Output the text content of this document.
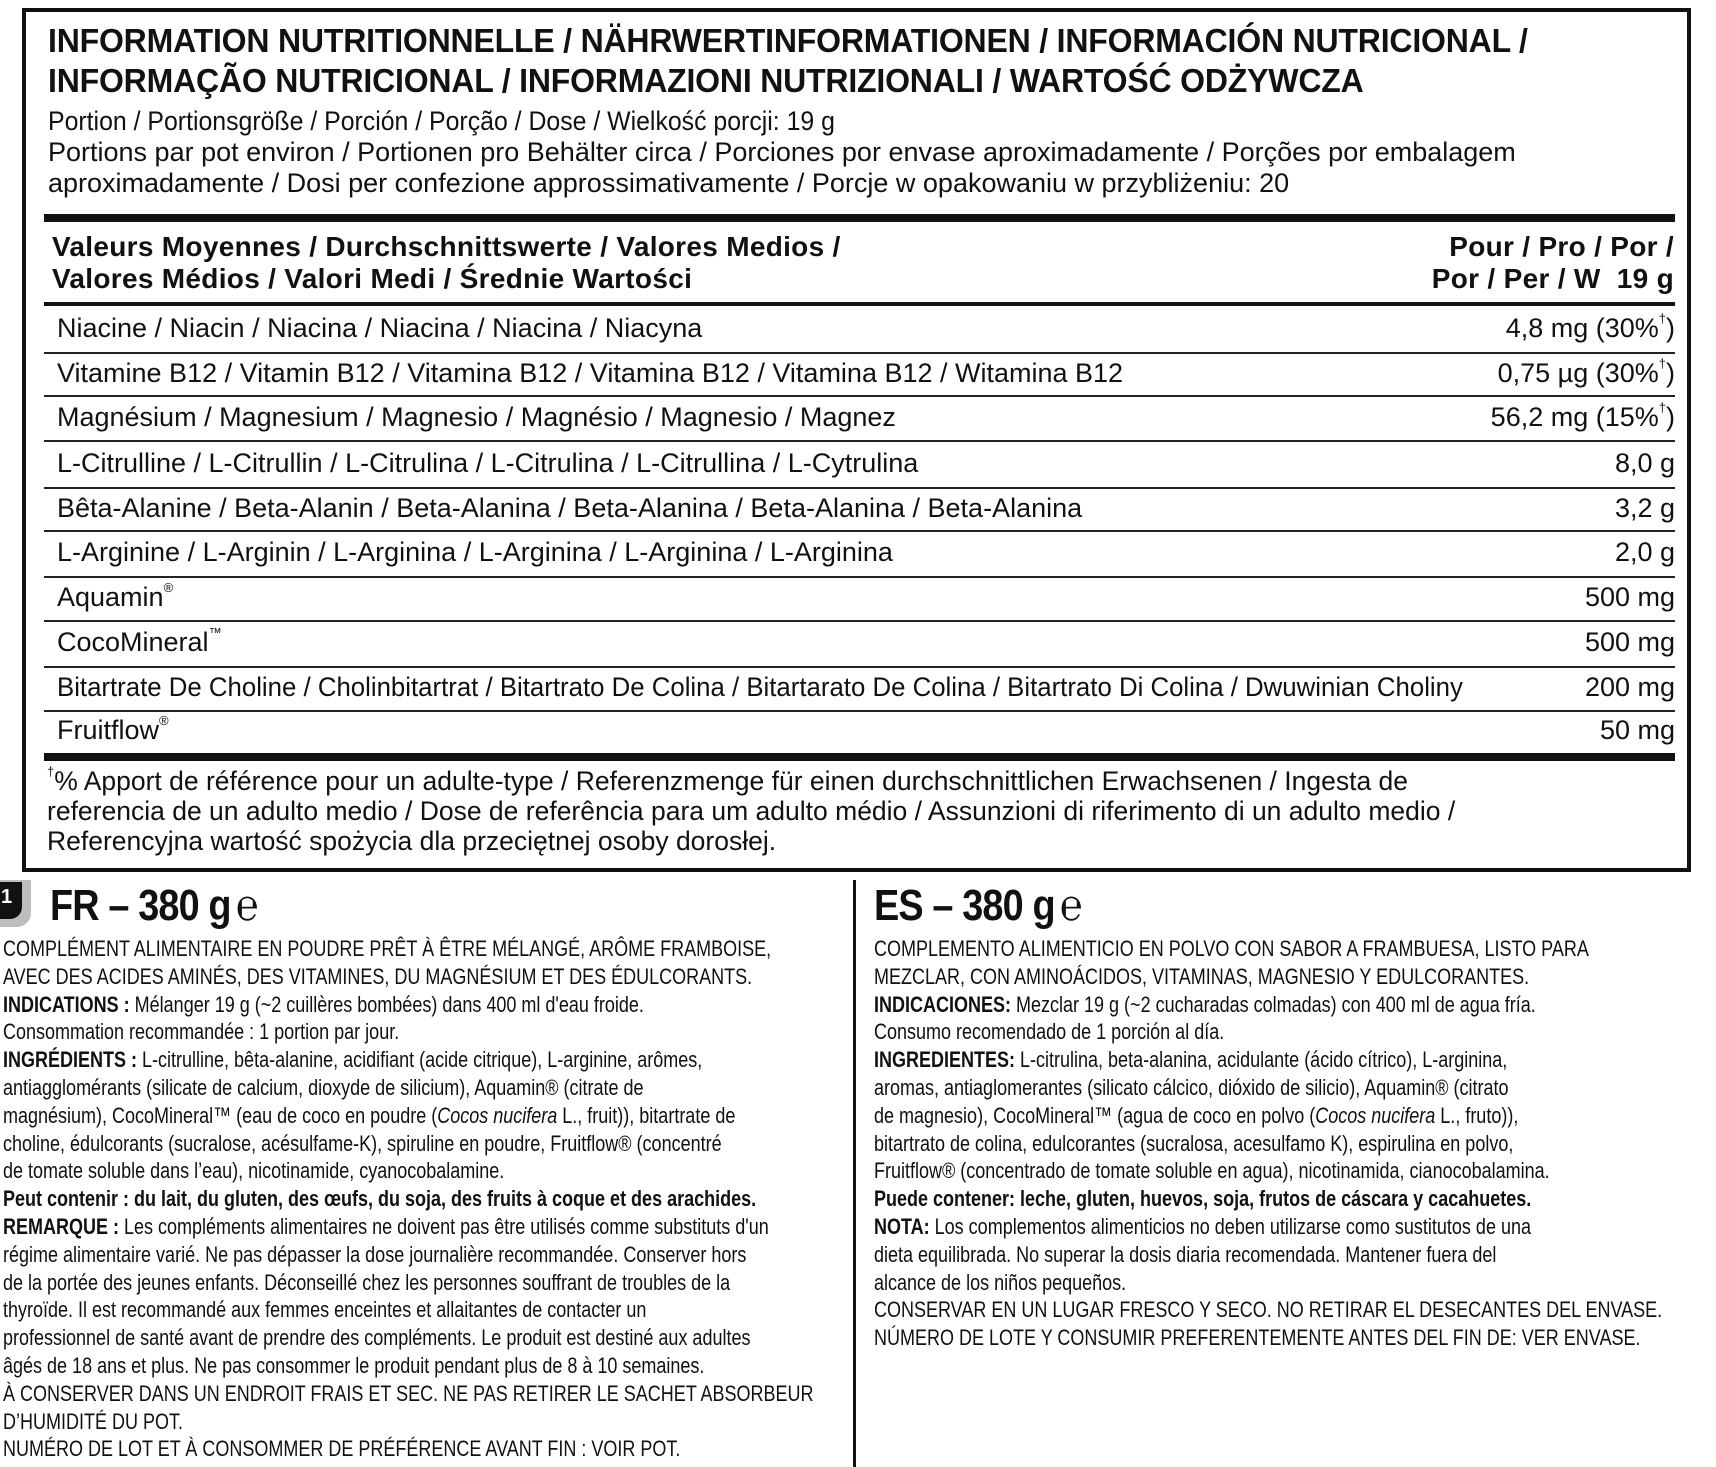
INFORMATION NUTRITIONNELLE / NÄHRWERTINFORMATIONEN / INFORMACIÓN NUTRICIONAL /
INFORMAÇÃO NUTRICIONAL / INFORMAZIONI NUTRIZIONALI / WARTOŚĆ ODŻYWCZA
Portion / Portionsgröße / Porción / Porção / Dose / Wielkość porcji: 19 g
Portions par pot environ / Portionen pro Behälter circa / Porciones por envase aproximadamente / Porções por embalagem
aproximadamente / Dosi per confezione approssimativamente / Porcje w opakowaniu w przybliżeniu: 20
Valeurs Moyennes / Durchschnittswerte / Valores Medios /
Valores Médios / Valori Medi / Średnie Wartości
Pour / Pro / Por /
Por / Per / W  19 g
Niacine / Niacin / Niacina / Niacina / Niacina / Niacyna	4,8 mg (30%†)
Vitamine B12 / Vitamin B12 / Vitamina B12 / Vitamina B12 / Vitamina B12 / Witamina B12	0,75 µg (30%†)
Magnésium / Magnesium / Magnesio / Magnésio / Magnesio / Magnez	56,2 mg (15%†)
L-Citrulline / L-Citrullin / L-Citrulina / L-Citrulina / L-Citrullina / L-Cytrulina	8,0 g
Bêta-Alanine / Beta-Alanin / Beta-Alanina / Beta-Alanina / Beta-Alanina / Beta-Alanina	3,2 g
L-Arginine / L-Arginin / L-Arginina / L-Arginina / L-Arginina / L-Arginina	2,0 g
Aquamin®	500 mg
CocoMineral™	500 mg
Bitartrate De Choline / Cholinbitartrat / Bitartrato De Colina / Bitartarato De Colina / Bitartrato Di Colina / Dwuwinian Choliny	200 mg
Fruitflow®	50 mg
†% Apport de référence pour un adulte-type / Referenzmenge für einen durchschnittlichen Erwachsenen / Ingesta de
referencia de un adulto medio / Dose de referência para um adulto médio / Assunzioni di riferimento di un adulto medio /
Referencyjna wartość spożycia dla przeciętnej osoby dorosłej.
1 FR – 380 g ℮
COMPLÉMENT ALIMENTAIRE EN POUDRE PRÊT À ÊTRE MÉLANGÉ, ARÔME FRAMBOISE,
AVEC DES ACIDES AMINÉS, DES VITAMINES, DU MAGNÉSIUM ET DES ÉDULCORANTS.
INDICATIONS : Mélanger 19 g (~2 cuillères bombées) dans 400 ml d'eau froide.
Consommation recommandée : 1 portion par jour.
INGRÉDIENTS : L-citrulline, bêta-alanine, acidifiant (acide citrique), L-arginine, arômes,
antiagglomérants (silicate de calcium, dioxyde de silicium), Aquamin® (citrate de
magnésium), CocoMineral™ (eau de coco en poudre (Cocos nucifera L., fruit)), bitartrate de
choline, édulcorants (sucralose, acésulfame-K), spiruline en poudre, Fruitflow® (concentré
de tomate soluble dans l’eau), nicotinamide, cyanocobalamine.
Peut contenir : du lait, du gluten, des œufs, du soja, des fruits à coque et des arachides.
REMARQUE : Les compléments alimentaires ne doivent pas être utilisés comme substituts d'un
régime alimentaire varié. Ne pas dépasser la dose journalière recommandée. Conserver hors
de la portée des jeunes enfants. Déconseillé chez les personnes souffrant de troubles de la
thyroïde. Il est recommandé aux femmes enceintes et allaitantes de contacter un
professionnel de santé avant de prendre des compléments. Le produit est destiné aux adultes
âgés de 18 ans et plus. Ne pas consommer le produit pendant plus de 8 à 10 semaines.
À CONSERVER DANS UN ENDROIT FRAIS ET SEC. NE PAS RETIRER LE SACHET ABSORBEUR
D’HUMIDITÉ DU POT.
NUMÉRO DE LOT ET À CONSOMMER DE PRÉFÉRENCE AVANT FIN : VOIR POT.
ES – 380 g ℮
COMPLEMENTO ALIMENTICIO EN POLVO CON SABOR A FRAMBUESA, LISTO PARA
MEZCLAR, CON AMINOÁCIDOS, VITAMINAS, MAGNESIO Y EDULCORANTES.
INDICACIONES: Mezclar 19 g (~2 cucharadas colmadas) con 400 ml de agua fría.
Consumo recomendado de 1 porción al día.
INGREDIENTES: L-citrulina, beta-alanina, acidulante (ácido cítrico), L-arginina,
aromas, antiaglomerantes (silicato cálcico, dióxido de silicio), Aquamin® (citrato
de magnesio), CocoMineral™ (agua de coco en polvo (Cocos nucifera L., fruto)),
bitartrato de colina, edulcorantes (sucralosa, acesulfamo K), espirulina en polvo,
Fruitflow® (concentrado de tomate soluble en agua), nicotinamida, cianocobalamina.
Puede contener: leche, gluten, huevos, soja, frutos de cáscara y cacahuetes.
NOTA: Los complementos alimenticios no deben utilizarse como sustitutos de una
dieta equilibrada. No superar la dosis diaria recomendada. Mantener fuera del
alcance de los niños pequeños.
CONSERVAR EN UN LUGAR FRESCO Y SECO. NO RETIRAR EL DESECANTES DEL ENVASE.
NÚMERO DE LOTE Y CONSUMIR PREFERENTEMENTE ANTES DEL FIN DE: VER ENVASE.
